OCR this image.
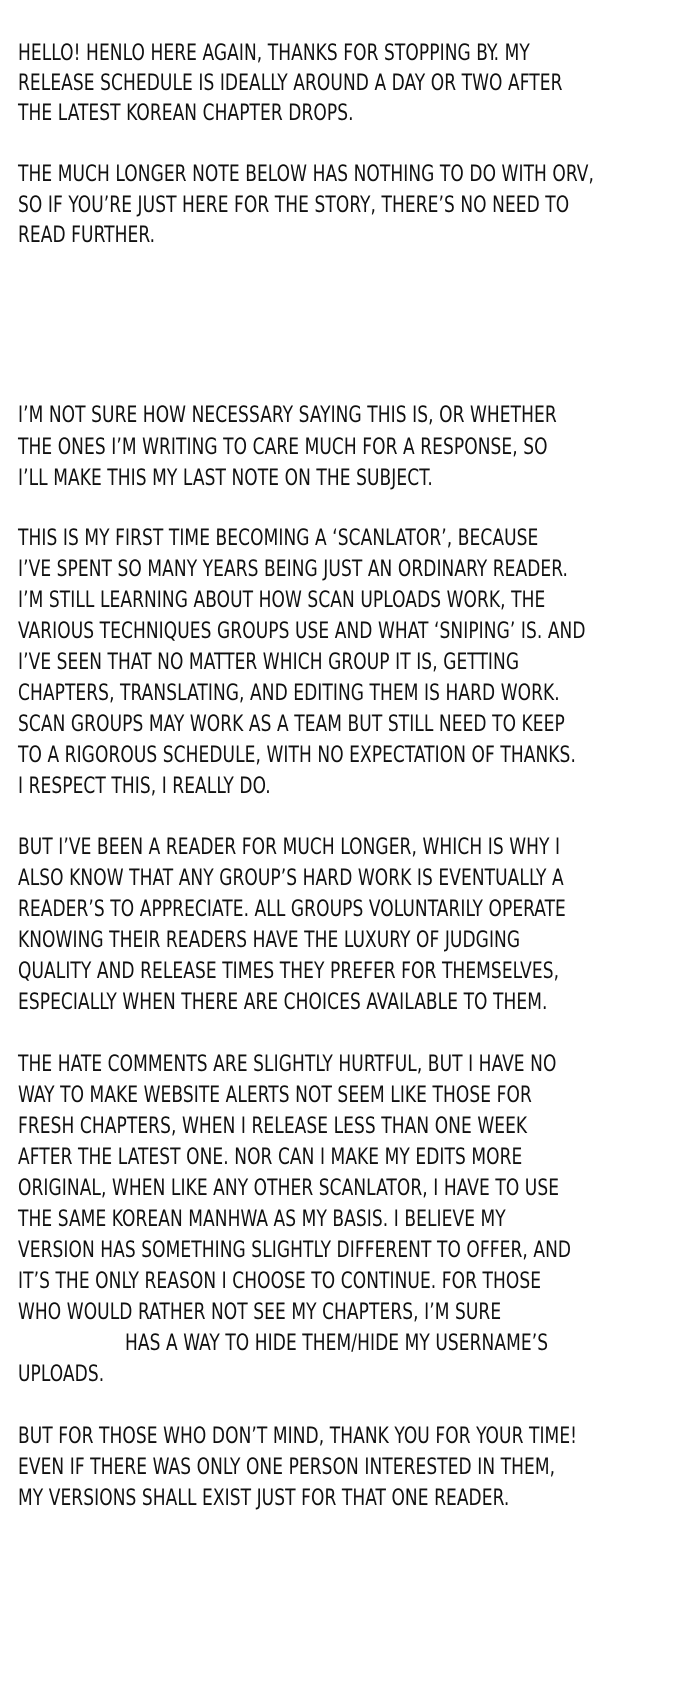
HELLO! HENLO HERE AGAIN, THANKS FOR STOPPING BY. MY

RELEASE SCHEDULE IS IDEALLY AROUND A DAY OR TWO AFTER

THE LATEST KOREAN CHAPTER DROPS.

THE MUCH LONGER NOTE BELOW HAS NOTHING TO DO WITH ORV,

SO IF YOU’RE JUST HERE FOR THE STORY, THERE’S NO NEED TO

READ FURTHER.

I’M NOT SURE HOW NECESSARY SAYING THIS IS, OR WHETHER

THE ONES I’M WRITING TO CARE MUCH FOR A RESPONSE, SO

I’LL MAKE THIS MY LAST NOTE ON THE SUBJECT.

THIS IS MY FIRST TIME BECOMING A ‘SCANLATOR’, BECAUSE

I’VE SPENT SO MANY YEARS BEING JUST AN ORDINARY READER.

I’M STILL LEARNING ABOUT HOW SCAN UPLOADS WORK, THE

VARIOUS TECHNIQUES GROUPS USE AND WHAT ‘SNIPING’ IS. AND

I’VE SEEN THAT NO MATTER WHICH GROUP IT IS, GETTING

CHAPTERS, TRANSLATING, AND EDITING THEM IS HARD WORK.

SCAN GROUPS MAY WORK AS A TEAM BUT STILL NEED TO KEEP

TO A RIGOROUS SCHEDULE, WITH NO EXPECTATION OF THANKS.

I RESPECT THIS, I REALLY DO.

BUT I’VE BEEN A READER FOR MUCH LONGER, WHICH IS WHY I

ALSO KNOW THAT ANY GROUP’S HARD WORK IS EVENTUALLY A

READER’S TO APPRECIATE. ALL GROUPS VOLUNTARILY OPERATE

KNOWING THEIR READERS HAVE THE LUXURY OF JUDGING

QUALITY AND RELEASE TIMES THEY PREFER FOR THEMSELVES,

ESPECIALLY WHEN THERE ARE CHOICES AVAILABLE TO THEM.

THE HATE COMMENTS ARE SLIGHTLY HURTFUL, BUT I HAVE NO

WAY TO MAKE WEBSITE ALERTS NOT SEEM LIKE THOSE FOR

FRESH CHAPTERS, WHEN I RELEASE LESS THAN ONE WEEK

AFTER THE LATEST ONE. NOR CAN I MAKE MY EDITS MORE

ORIGINAL, WHEN LIKE ANY OTHER SCANLATOR, I HAVE TO USE

THE SAME KOREAN MANHWA AS MY BASIS. I BELIEVE MY

VERSION HAS SOMETHING SLIGHTLY DIFFERENT TO OFFER, AND

IT’S THE ONLY REASON I CHOOSE TO CONTINUE. FOR THOSE

WHO WOULD RATHER NOT SEE MY CHAPTERS, I’M SURE

HAS A WAY TO HIDE THEM/HIDE MY USERNAME’S

UPLOADS.

BUT FOR THOSE WHO DON’T MIND, THANK YOU FOR YOUR TIME!

EVEN IF THERE WAS ONLY ONE PERSON INTERESTED IN THEM,

MY VERSIONS SHALL EXIST JUST FOR THAT ONE READER.
